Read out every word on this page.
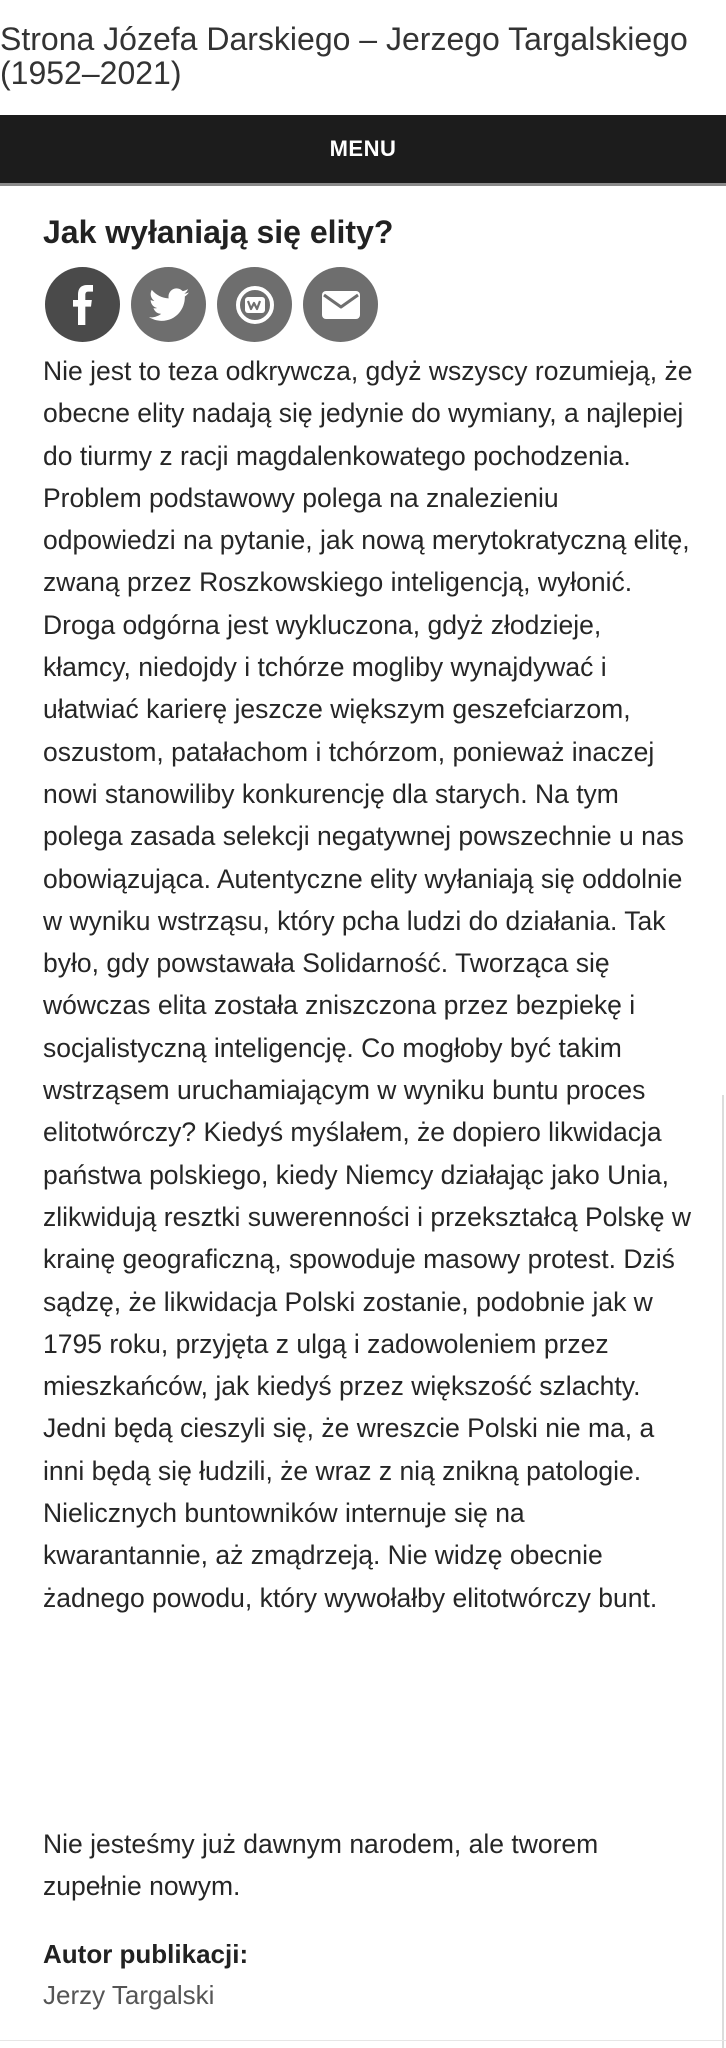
Strona Józefa Darskiego – Jerzego Targalskiego (1952–2021)
MENU
Jak wyłaniają się elity?

Nie jest to teza odkrywcza, gdyż wszyscy rozumieją, że obecne elity nadają się jedynie do wymiany, a najlepiej do tiurmy z racji magdalenkowatego pochodzenia. Problem podstawowy polega na znalezieniu odpowiedzi na pytanie, jak nową merytokratyczną elitę, zwaną przez Roszkowskiego inteligencją, wyłonić. Droga odgórna jest wykluczona, gdyż złodzieje, kłamcy, niedojdy i tchórze mogliby wynajdywać i ułatwiać karierę jeszcze większym geszefciarzom, oszustom, patałachom i tchórzom, ponieważ inaczej nowi stanowiliby konkurencję dla starych. Na tym polega zasada selekcji negatywnej powszechnie u nas obowiązująca. Autentyczne elity wyłaniają się oddolnie w wyniku wstrząsu, który pcha ludzi do działania. Tak było, gdy powstawała Solidarność. Tworząca się wówczas elita została zniszczona przez bezpiekę i socjalistyczną inteligencję. Co mogłoby być takim wstrząsem uruchamiającym w wyniku buntu proces elitotwórczy? Kiedyś myślałem, że dopiero likwidacja państwa polskiego, kiedy Niemcy działając jako Unia, zlikwidują resztki suwerenności i przekształcą Polskę w krainę geograficzną, spowoduje masowy protest. Dziś sądzę, że likwidacja Polski zostanie, podobnie jak w 1795 roku, przyjęta z ulgą i zadowoleniem przez mieszkańców, jak kiedyś przez większość szlachty. Jedni będą cieszyli się, że wreszcie Polski nie ma, a inni będą się łudzili, że wraz z nią znikną patologie. Nielicznych buntowników internuje się na kwarantannie, aż zmądrzeją. Nie widzę obecnie żadnego powodu, który wywołałby elitotwórczy bunt.

Nie jesteśmy już dawnym narodem, ale tworem zupełnie nowym.

Autor publikacji:
Jerzy Targalski
